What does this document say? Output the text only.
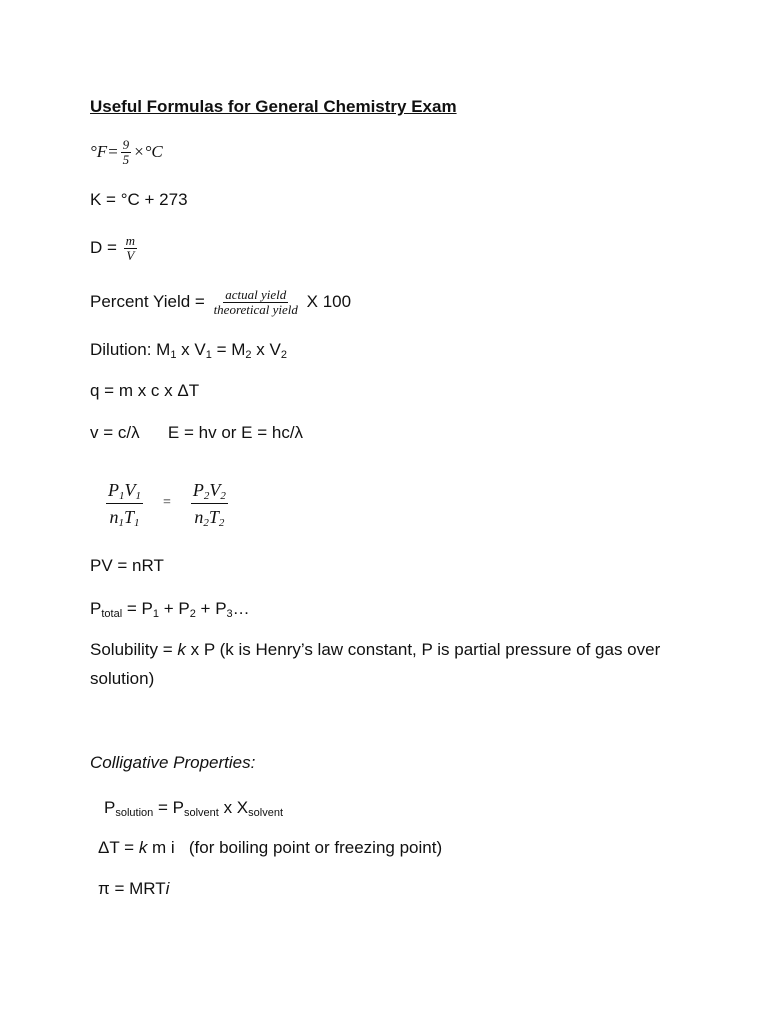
Useful Formulas for General Chemistry Exam
$^\circ F= \frac{9}{5} \times^\circ C$
K = °C + 273
$D = \frac{m}{V}$
Percent Yield = $\frac{\text{actual yield}}{\text{theoretical yield}}$ X 100
Dilution: $M_1$ x $V_1 = M_2$ x $V_2$
q = m x c x ΔT
v = c/λ      E = hv or E = hc/λ
$\frac{P_1V_1}{n_1T_1} = \frac{P_2V_2}{n_2T_2}$
PV = nRT
$P_{total} = P_1 + P_2$ + $P_3\dots$
Solubility = k x P (k is Henry’s law constant, P is partial pressure of gas over solution)
Colligative Properties:
$P_{solution} = P_{solvent}$ x $X_{solvent}$
ΔT = k m i   (for boiling point or freezing point)
π = MRTi
